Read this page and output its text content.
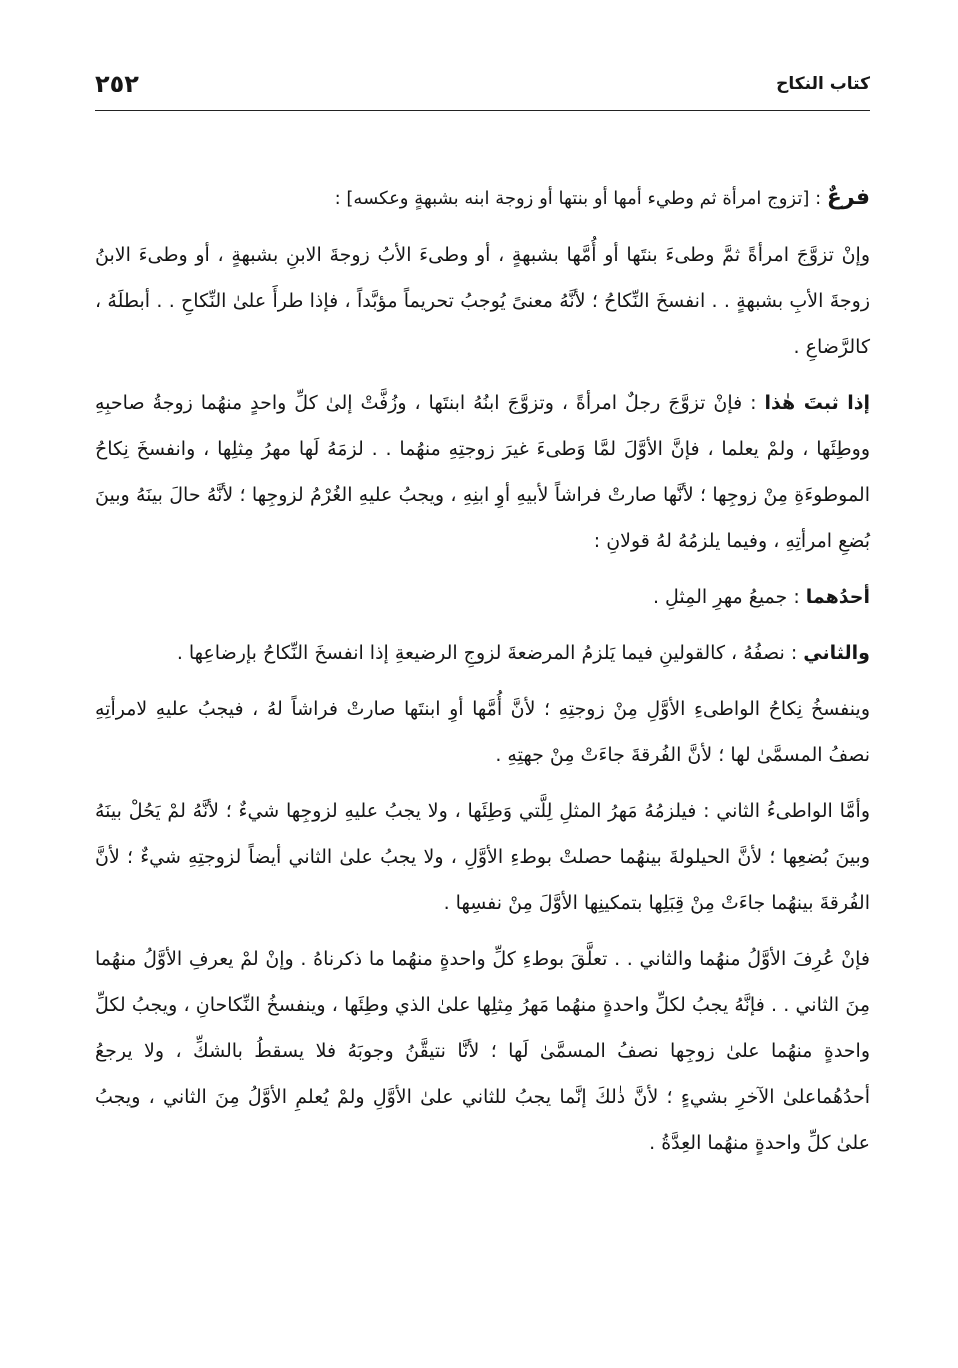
كتاب النكاح
٢٥٢

فرعٌ : [تزوج امرأة ثم وطيء أمها أو بنتها أو زوجة ابنه بشبهةٍ وعكسه] :

وإنْ تزوَّجَ امرأةً ثمَّ وطىءَ بنتَها أو أُمَّها بشبهةٍ ، أو وطىءَ الأبُ زوجةَ الابنِ بشبهةٍ ، أو وطىءَ الابنُ زوجةَ الأبِ بشبهةٍ . . انفسخَ النِّكاحُ ؛ لأنَّهُ معنىً يُوجبُ تحريماً مؤبَّداً ، فإذا طرأَ علىٰ النِّكاحِ . . أبطلَهُ ، كالرَّضاعِ .

إذا ثبتَ هٰذا : فإنْ تزوَّجَ رجلٌ امرأةً ، وتزوَّجَ ابنُهُ ابنتَها ، وزُفَّتْ إلىٰ كلِّ واحدٍ منهُما زوجةُ صاحبِهِ ووطِئَها ، ولمْ يعلما ، فإنَّ الأوَّلَ لمَّا وَطىءَ غيرَ زوجتِهِ منهُما . . لزمَهُ لَها مهرُ مِثلِها ، وانفسخَ نِكاحُ الموطوءَةِ مِنْ زوجِها ؛ لأنَّها صارتْ فراشاً لأبيهِ أوِ ابنِهِ ، ويجبُ عليهِ الغُرْمُ لزوجِها ؛ لأنَّهُ حالَ بينَهُ وبينَ بُضعِ امرأتِهِ ، وفيما يلزمُهُ لهُ قولانِ :

أحدُهما : جميعُ مهرِ المِثلِ .

والثاني : نصفُهُ ، كالقولينِ فيما يَلزمُ المرضعةَ لزوجِ الرضيعةِ إذا انفسخَ النِّكاحُ بإرضاعِها .

وينفسخُ نِكاحُ الواطىءِ الأوَّلِ مِنْ زوجتِهِ ؛ لأنَّ أُمَّها أوِ ابنتَها صارتْ فراشاً لهُ ، فيجبُ عليهِ لامرأتِهِ نصفُ المسمَّىٰ لها ؛ لأنَّ الفُرقةَ جاءَتْ مِنْ جهتِهِ .

وأمَّا الواطىءُ الثاني : فيلزمُهُ مَهرُ المثلِ لِلَّتي وَطِئَها ، ولا يجبُ عليهِ لزوجِها شيءٌ ؛ لأنَّهُ لمْ يَحُلْ بينَهُ وبينَ بُضعِها ؛ لأنَّ الحيلولةَ بينهُما حصلتْ بوطءِ الأوَّلِ ، ولا يجبُ علىٰ الثاني أيضاً لزوجتِهِ شيءٌ ؛ لأنَّ الفُرقةَ بينهُما جاءَتْ مِنْ قِبَلِها بتمكينِها الأوَّلَ مِنْ نفسِها .

فإنْ عُرِفَ الأوَّلُ منهُما والثاني . . تعلَّقَ بوطءِ كلِّ واحدةٍ منهُما ما ذكرناهُ . وإنْ لمْ يعرفِ الأوَّلُ منهُما مِنَ الثاني . . فإنَّهُ يجبُ لكلِّ واحدةٍ منهُما مَهرُ مِثلِها علىٰ الذي وطِئَها ، وينفسخُ النِّكاحانِ ، ويجبُ لكلِّ واحدةٍ منهُما علىٰ زوجِها نصفُ المسمَّىٰ لَها ؛ لأنَّا نتيقَّنُ وجوبَهُ فلا يسقطُ بالشكِّ ، ولا يرجعُ أحدُهُماعلىٰ الآخرِ بشيءٍ ؛ لأنَّ ذٰلكَ إنَّما يجبُ للثاني علىٰ الأوَّلِ ولمْ يُعلمِ الأوَّلُ مِنَ الثاني ، ويجبُ علىٰ كلِّ واحدةٍ منهُما العِدَّةُ .
